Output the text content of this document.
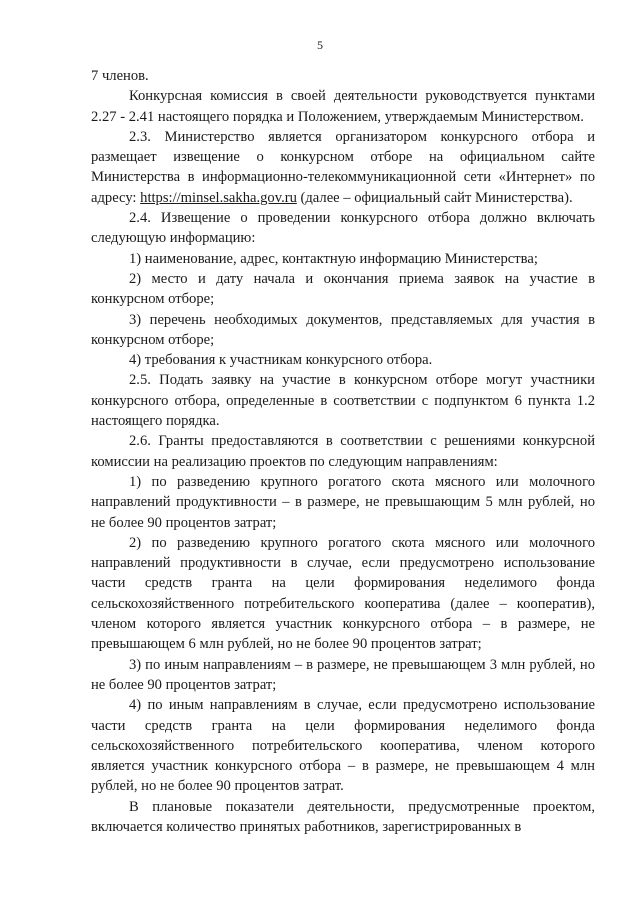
5

7 членов.

Конкурсная комиссия в своей деятельности руководствуется пунктами 2.27 - 2.41 настоящего порядка и Положением, утверждаемым Министерством.

2.3. Министерство является организатором конкурсного отбора и размещает извещение о конкурсном отборе на официальном сайте Министерства в информационно-телекоммуникационной сети «Интернет» по адресу: https://minsel.sakha.gov.ru (далее – официальный сайт Министерства).

2.4. Извещение о проведении конкурсного отбора должно включать следующую информацию:

1) наименование, адрес, контактную информацию Министерства;

2) место и дату начала и окончания приема заявок на участие в конкурсном отборе;

3) перечень необходимых документов, представляемых для участия в конкурсном отборе;

4) требования к участникам конкурсного отбора.

2.5. Подать заявку на участие в конкурсном отборе могут участники конкурсного отбора, определенные в соответствии с подпунктом 6 пункта 1.2 настоящего порядка.

2.6. Гранты предоставляются в соответствии с решениями конкурсной комиссии на реализацию проектов по следующим направлениям:

1) по разведению крупного рогатого скота мясного или молочного направлений продуктивности – в размере, не превышающим 5 млн рублей, но не более 90 процентов затрат;

2) по разведению крупного рогатого скота мясного или молочного направлений продуктивности в случае, если предусмотрено использование части средств гранта на цели формирования неделимого фонда сельскохозяйственного потребительского кооператива (далее – кооператив), членом которого является участник конкурсного отбора – в размере, не превышающем 6 млн рублей, но не более 90 процентов затрат;

3) по иным направлениям – в размере, не превышающем 3 млн рублей, но не более 90 процентов затрат;

4) по иным направлениям в случае, если предусмотрено использование части средств гранта на цели формирования неделимого фонда сельскохозяйственного потребительского кооператива, членом которого является участник конкурсного отбора – в размере, не превышающем 4 млн рублей, но не более 90 процентов затрат.

В плановые показатели деятельности, предусмотренные проектом, включается количество принятых работников, зарегистрированных в
